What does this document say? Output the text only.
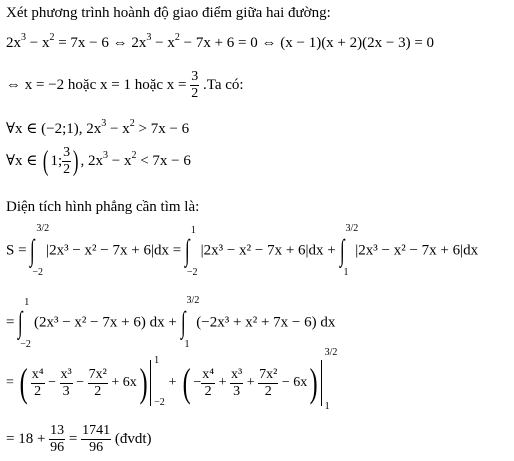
Xét phương trình hoành độ giao điểm giữa hai đường:
$2x^3 - x^2 = 7x - 6$ ⇔ $2x^3 - x^2 - 7x + 6 = 0$ ⇔ (x − 1)(x + 2)(2x − 3) = 0
⇔ x = −2 hoặc x = 1 hoặc $x = \frac{3}{2} .Ta$ có:
∀x ∈ (−2;1), $2x^3 - x^2 > 7x - 6$
∀x ∈ ( 1; $\frac{3}{2}$ ) , $2x^3 - x^2 < 7x - 6$
Diện tích hình phẳng cần tìm là:
S = ∫
3/2
−2
|2x³ − x² − 7x + 6|dx = ∫
1
−2
|2x³ − x² − 7x + 6|dx + ∫
3/2
1
|2x³ − x² − 7x + 6|dx
= ∫
1
−2
(2x³ − x² − 7x + 6) dx + ∫
3/2
1
(−2x³ + x² + 7x − 6) dx
= ( $\frac{\text{x⁴}}{2} - \frac{\text{x³}}{3} - \frac{\text{7x²}}{2} + 6x$) 1
−2
+ ( − $\frac{\text{x⁴}}{2} + \frac{\text{x³}}{3} + \frac{\text{7x²}}{2} - 6x$)
3/2
1
= $18 + \frac{13}{96} = \frac{1741}{96}$ (đvdt)
